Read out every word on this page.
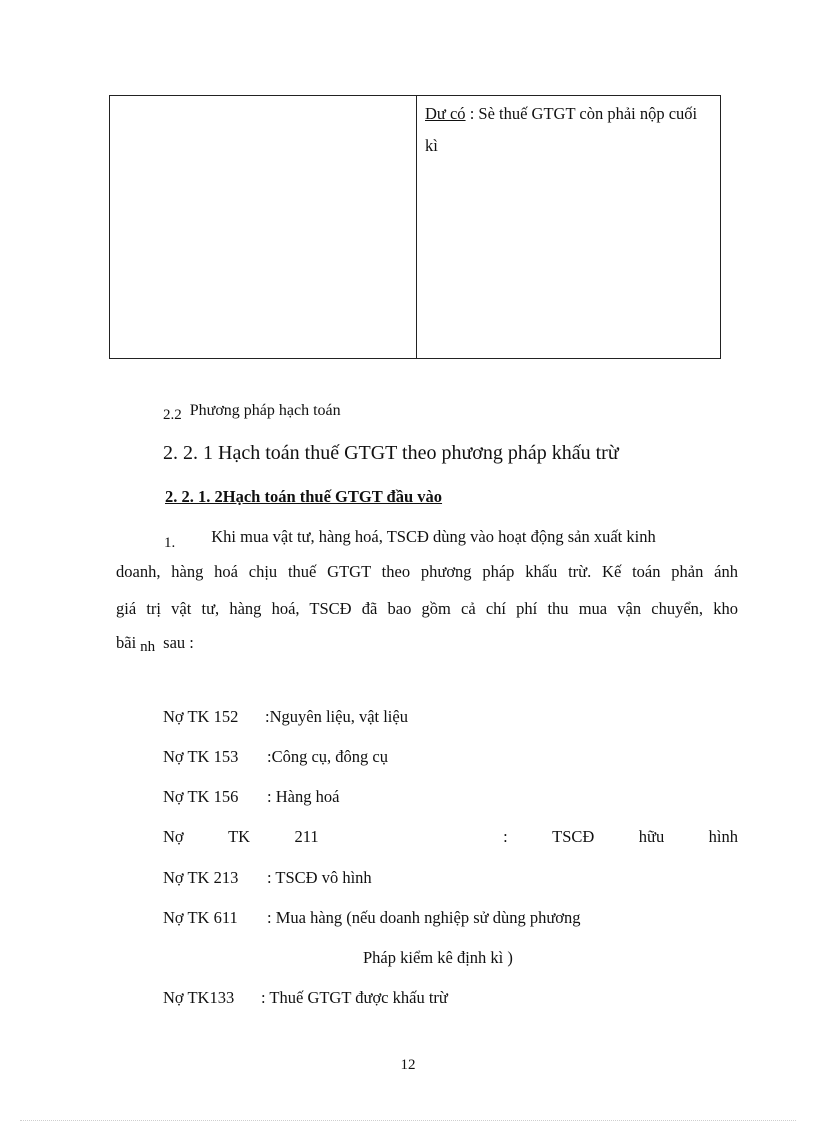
Dư có : Sè thuế GTGT còn phải nộp cuối kì
2.2 Phương pháp hạch toán
2. 2. 1 Hạch toán thuế GTGT theo phương pháp khấu trừ
2. 2. 1. 2Hạch toán thuế GTGT đầu vào
1. Khi mua vật tư, hàng hoá, TSCĐ dùng vào hoạt động sản xuất kinh
doanh, hàng hoá chịu thuế GTGT theo phương pháp khấu trừ. Kế toán phản ánh
giá trị vật tư, hàng hoá, TSCĐ đã bao gồm cả chí phí thu mua vận chuyển, kho
bãi nh sau :
Nợ TK 152 :Nguyên liệu, vật liệu
Nợ TK 153 :Công cụ, đông cụ
Nợ TK 156 : Hàng hoá
Nợ	TK	211	:	TSCĐ	hữu	hình
Nợ TK 213 : TSCĐ vô hình
Nợ TK 611 : Mua hàng (nếu doanh nghiệp sử dùng phương
Pháp kiểm kê định kì )
Nợ TK133 : Thuế GTGT được khấu trừ
12
